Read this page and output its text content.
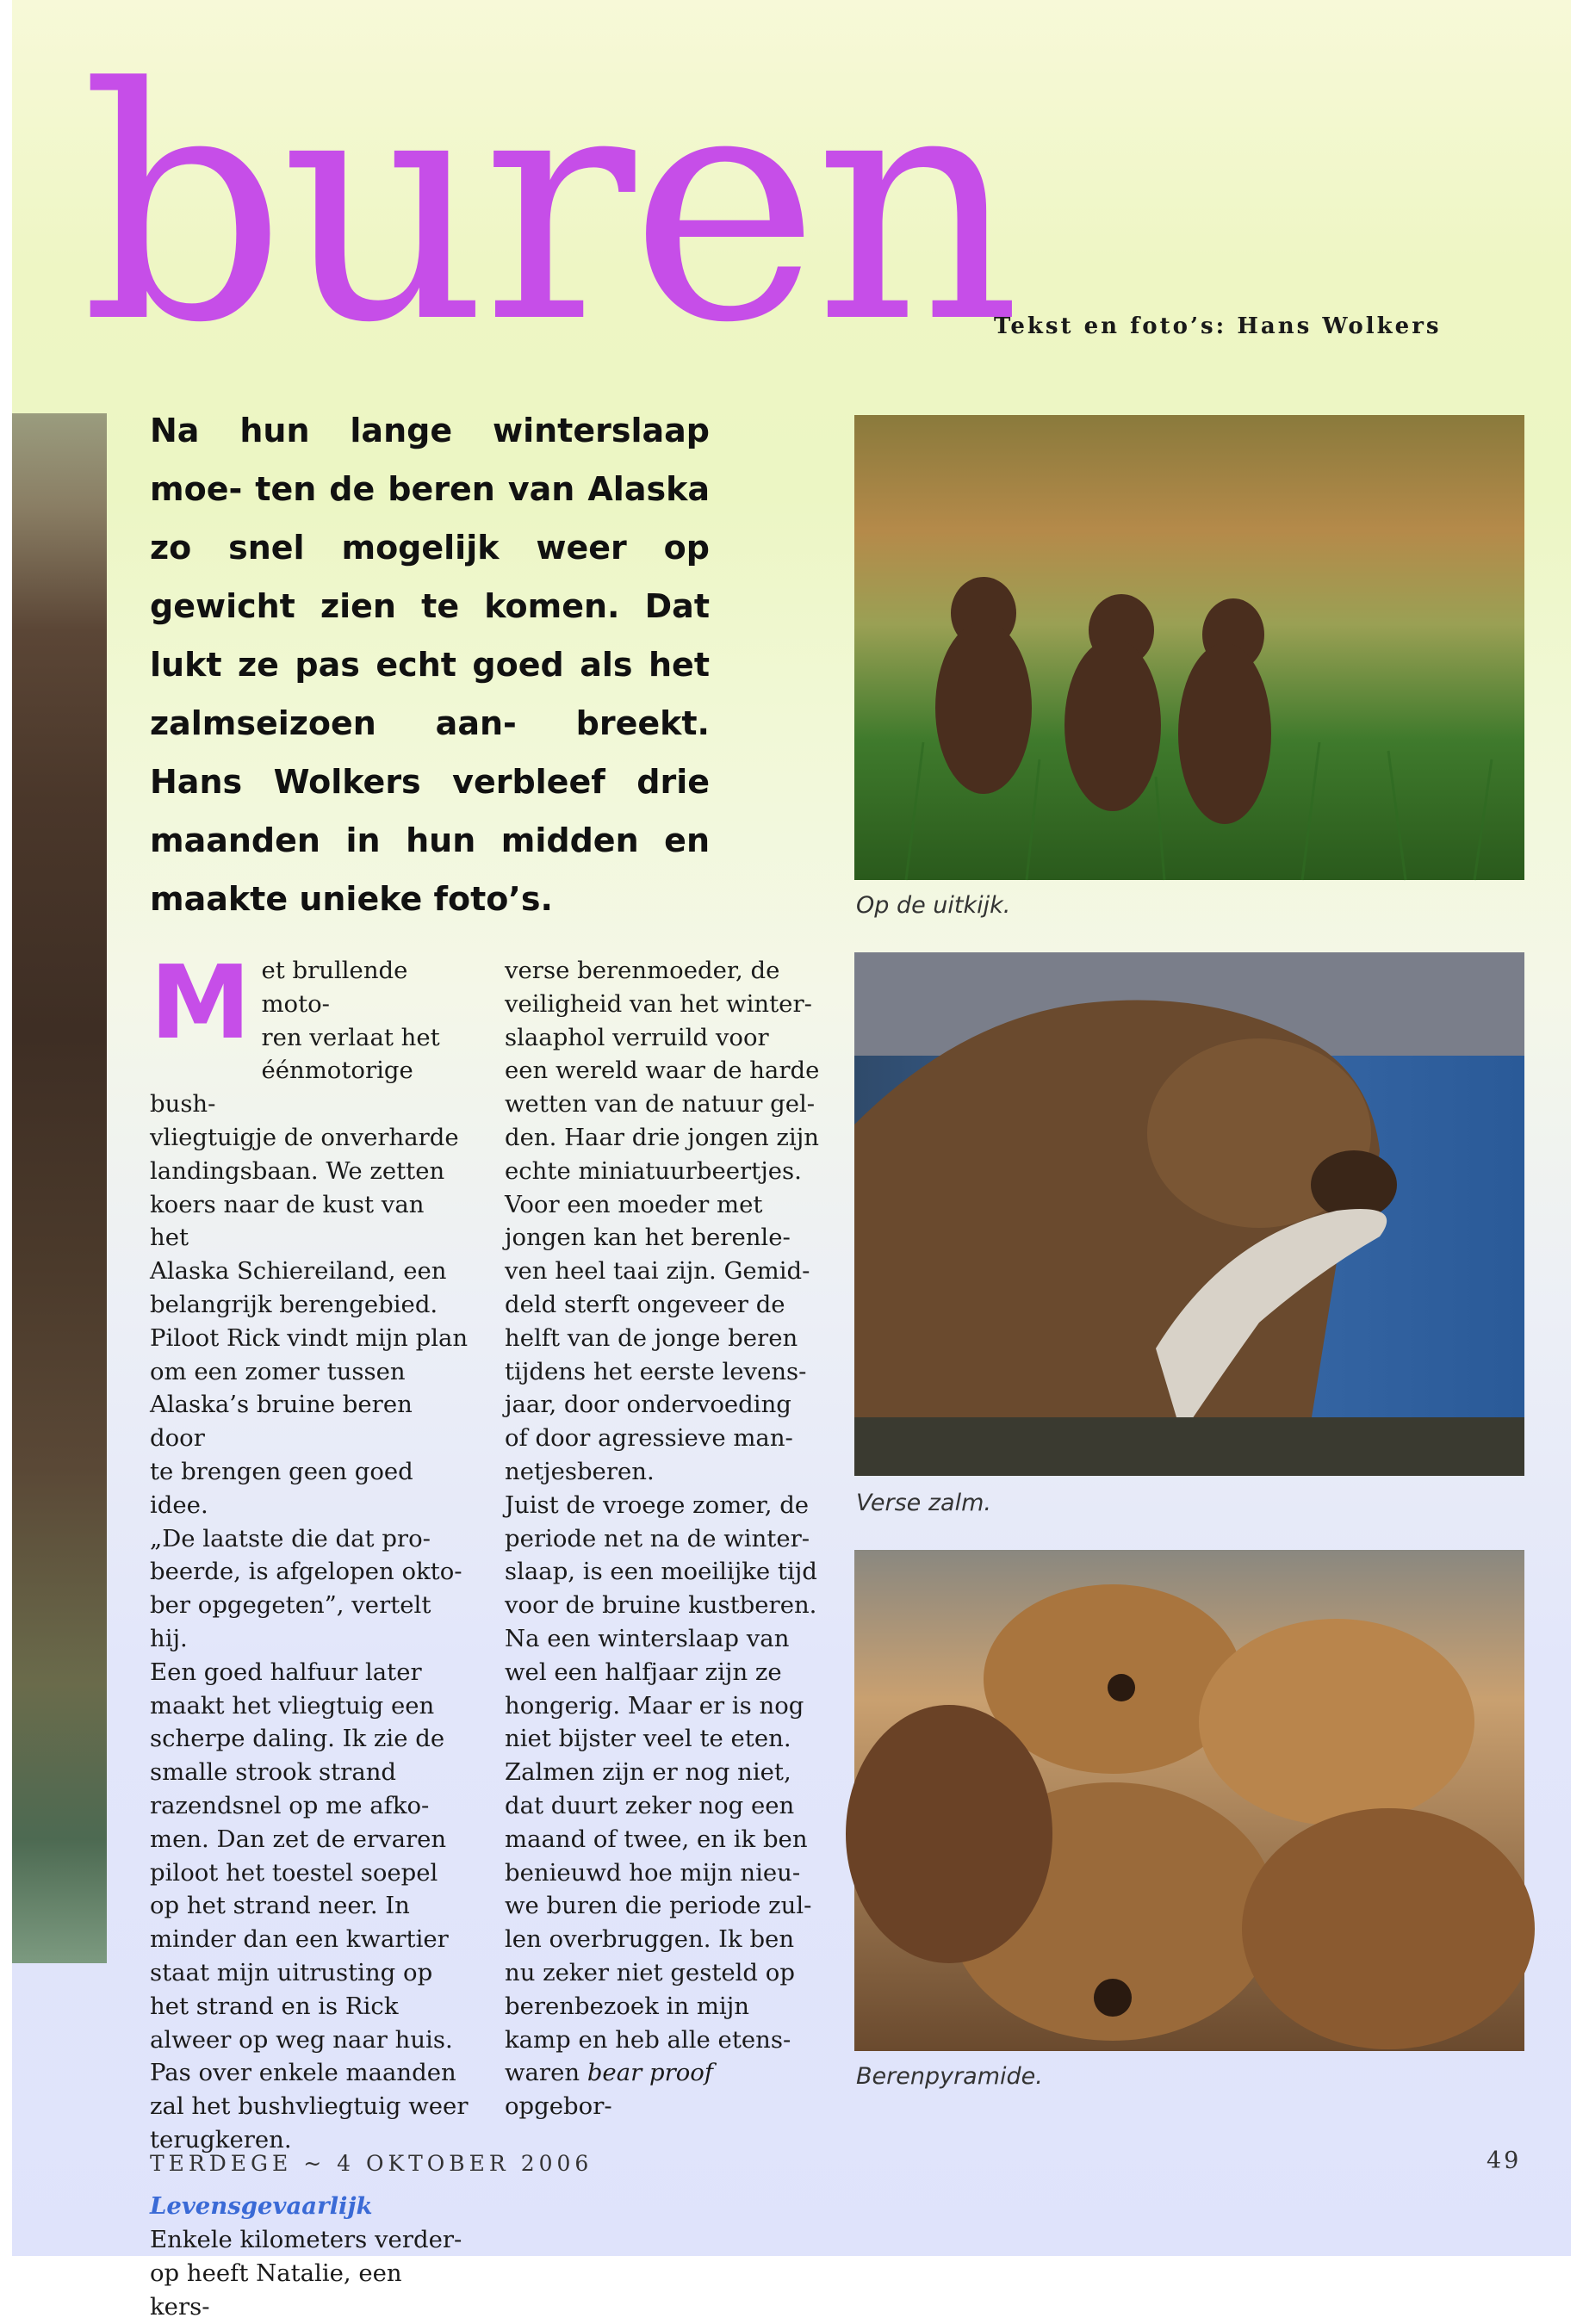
buren
Tekst en foto’s: Hans Wolkers

Na hun lange winterslaap moe- ten de beren van Alaska zo snel mogelijk weer op gewicht zien te komen. Dat lukt ze pas echt goed als het zalmseizoen aan- breekt. Hans Wolkers verbleef drie maanden in hun midden en maakte unieke foto’s.

Met brullende moto-
ren verlaat het
éénmotorige bush-
vliegtuigje de onverharde
landingsbaan. We zetten
koers naar de kust van het
Alaska Schiereiland, een
belangrijk berengebied.
Piloot Rick vindt mijn plan
om een zomer tussen
Alaska’s bruine beren door
te brengen geen goed idee.
„De laatste die dat pro-
beerde, is afgelopen okto-
ber opgegeten”, vertelt hij.
Een goed halfuur later
maakt het vliegtuig een
scherpe daling. Ik zie de
smalle strook strand
razendsnel op me afko-
men. Dan zet de ervaren
piloot het toestel soepel
op het strand neer. In
minder dan een kwartier
staat mijn uitrusting op
het strand en is Rick
alweer op weg naar huis.
Pas over enkele maanden
zal het bushvliegtuig weer
terugkeren.

Levensgevaarlijk
Enkele kilometers verder-
op heeft Natalie, een kers-
verse berenmoeder, de
veiligheid van het winter-
slaaphol verruild voor
een wereld waar de harde
wetten van de natuur gel-
den. Haar drie jongen zijn
echte miniatuurbeertjes.
Voor een moeder met
jongen kan het berenle-
ven heel taai zijn. Gemid-
deld sterft ongeveer de
helft van de jonge beren
tijdens het eerste levens-
jaar, door ondervoeding
of door agressieve man-
netjesberen.
Juist de vroege zomer, de
periode net na de winter-
slaap, is een moeilijke tijd
voor de bruine kustberen.
Na een winterslaap van
wel een halfjaar zijn ze
hongerig. Maar er is nog
niet bijster veel te eten.
Zalmen zijn er nog niet,
dat duurt zeker nog een
maand of twee, en ik ben
benieuwd hoe mijn nieu-
we buren die periode zul-
len overbruggen. Ik ben
nu zeker niet gesteld op
berenbezoek in mijn
kamp en heb alle etens-
waren bear proof opgebor-
Op de uitkijk.
Verse zalm.
Berenpyramide.
TERDEGE ~ 4 OKTOBER 2006	49
